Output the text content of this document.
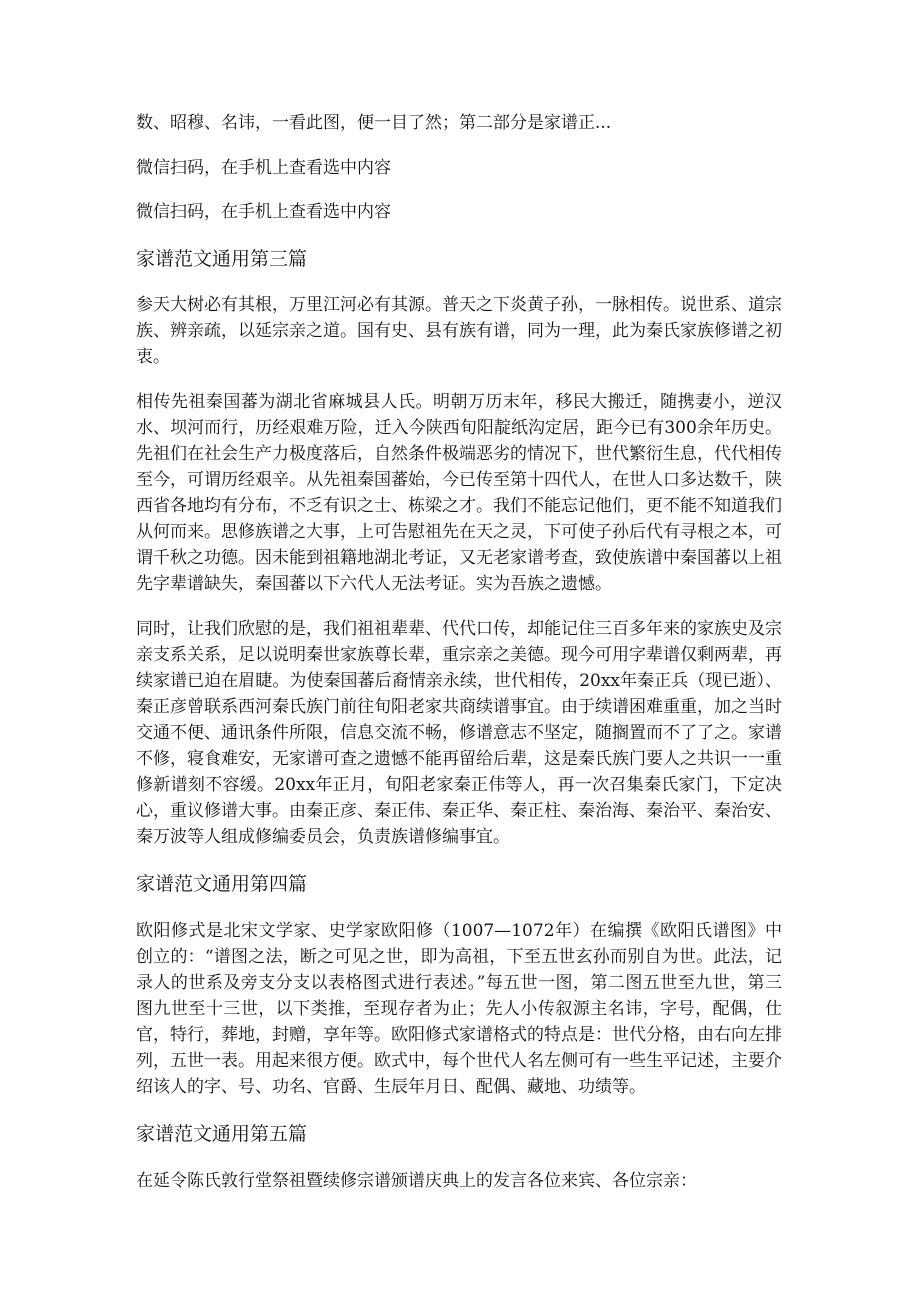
数、昭穆、名讳，一看此图，便一目了然；第二部分是家谱正...

微信扫码，在手机上查看选中内容

微信扫码，在手机上查看选中内容

家谱范文通用第三篇

参天大树必有其根，万里江河必有其源。普天之下炎黄子孙，一脉相传。说世系、道宗族、辨亲疏，以延宗亲之道。国有史、县有族有谱，同为一理，此为秦氏家族修谱之初衷。

相传先祖秦国蕃为湖北省麻城县人氏。明朝万历末年，移民大搬迁，随携妻小，逆汉水、坝河而行，历经艰难万险，迁入今陕西旬阳靛纸沟定居，距今已有300余年历史。先祖们在社会生产力极度落后，自然条件极端恶劣的情况下，世代繁衍生息，代代相传至今，可谓历经艰辛。从先祖秦国蕃始，今已传至第十四代人，在世人口多达数千，陕西省各地均有分布，不乏有识之士、栋梁之才。我们不能忘记他们，更不能不知道我们从何而来。思修族谱之大事，上可告慰祖先在天之灵，下可使子孙后代有寻根之本，可谓千秋之功德。因未能到祖籍地湖北考证，又无老家谱考查，致使族谱中秦国蕃以上祖先字辈谱缺失，秦国蕃以下六代人无法考证。实为吾族之遗憾。

同时，让我们欣慰的是，我们祖祖辈辈、代代口传，却能记住三百多年来的家族史及宗亲支系关系，足以说明秦世家族尊长辈，重宗亲之美德。现今可用字辈谱仅剩两辈，再续家谱已迫在眉睫。为使秦国蕃后裔情亲永续，世代相传，20xx年秦正兵（现已逝）、秦正彦曾联系西河秦氏族门前往旬阳老家共商续谱事宜。由于续谱困难重重，加之当时交通不便、通讯条件所限，信息交流不畅，修谱意志不坚定，随搁置而不了了之。家谱不修，寝食难安，无家谱可查之遗憾不能再留给后辈，这是秦氏族门要人之共识一一重修新谱刻不容缓。20xx年正月，旬阳老家秦正伟等人，再一次召集秦氏家门，下定决心，重议修谱大事。由秦正彦、秦正伟、秦正华、秦正柱、秦治海、秦治平、秦治安、秦万波等人组成修编委员会，负责族谱修编事宜。

家谱范文通用第四篇

欧阳修式是北宋文学家、史学家欧阳修（1007—1072年）在编撰《欧阳氏谱图》中创立的：“谱图之法，断之可见之世，即为高祖，下至五世玄孙而别自为世。此法，记录人的世系及旁支分支以表格图式进行表述。”每五世一图，第二图五世至九世，第三图九世至十三世，以下类推，至现存者为止；先人小传叙源主名讳，字号，配偶，仕官，特行，葬地，封赠，享年等。欧阳修式家谱格式的特点是：世代分格，由右向左排列，五世一表。用起来很方便。欧式中，每个世代人名左侧可有一些生平记述，主要介绍该人的字、号、功名、官爵、生辰年月日、配偶、藏地、功绩等。

家谱范文通用第五篇

在延令陈氏敦行堂祭祖暨续修宗谱颁谱庆典上的发言各位来宾、各位宗亲：
